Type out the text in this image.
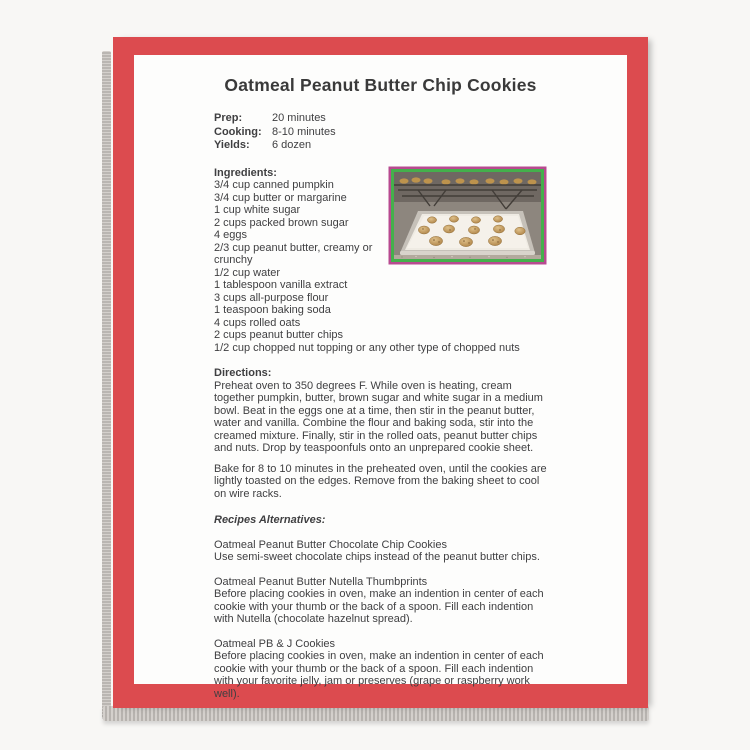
Oatmeal Peanut Butter Chip Cookies
Prep:	20 minutes
Cooking: 8-10 minutes
Yields:	6 dozen
Ingredients:
3/4 cup canned pumpkin
3/4 cup butter or margarine
1 cup white sugar
2 cups packed brown sugar
4 eggs
2/3 cup peanut butter, creamy or crunchy
1/2 cup water
1 tablespoon vanilla extract
3 cups all-purpose flour
1 teaspoon baking soda
4 cups rolled oats
2 cups peanut butter chips
1/2 cup chopped nut topping or any other type of chopped nuts
Directions:

Preheat oven to 350 degrees F. While oven is heating, cream together pumpkin, butter, brown sugar and white sugar in a medium bowl. Beat in the eggs one at a time, then stir in the peanut butter, water and vanilla. Combine the flour and baking soda, stir into the creamed mixture. Finally, stir in the rolled oats, peanut butter chips and nuts. Drop by teaspoonfuls onto an unprepared cookie sheet.

Bake for 8 to 10 minutes in the preheated oven, until the cookies are lightly toasted on the edges. Remove from the baking sheet to cool on wire racks.

Recipes Alternatives:
Oatmeal Peanut Butter Chocolate Chip Cookies

Use semi-sweet chocolate chips instead of the peanut butter chips.

Oatmeal Peanut Butter Nutella Thumbprints

Before placing cookies in oven, make an indention in center of each cookie with your thumb or the back of a spoon. Fill each indention with Nutella (chocolate hazelnut spread).

Oatmeal PB & J Cookies

Before placing cookies in oven, make an indention in center of each cookie with your thumb or the back of a spoon. Fill each indention with your favorite jelly, jam or preserves (grape or raspberry work well).
